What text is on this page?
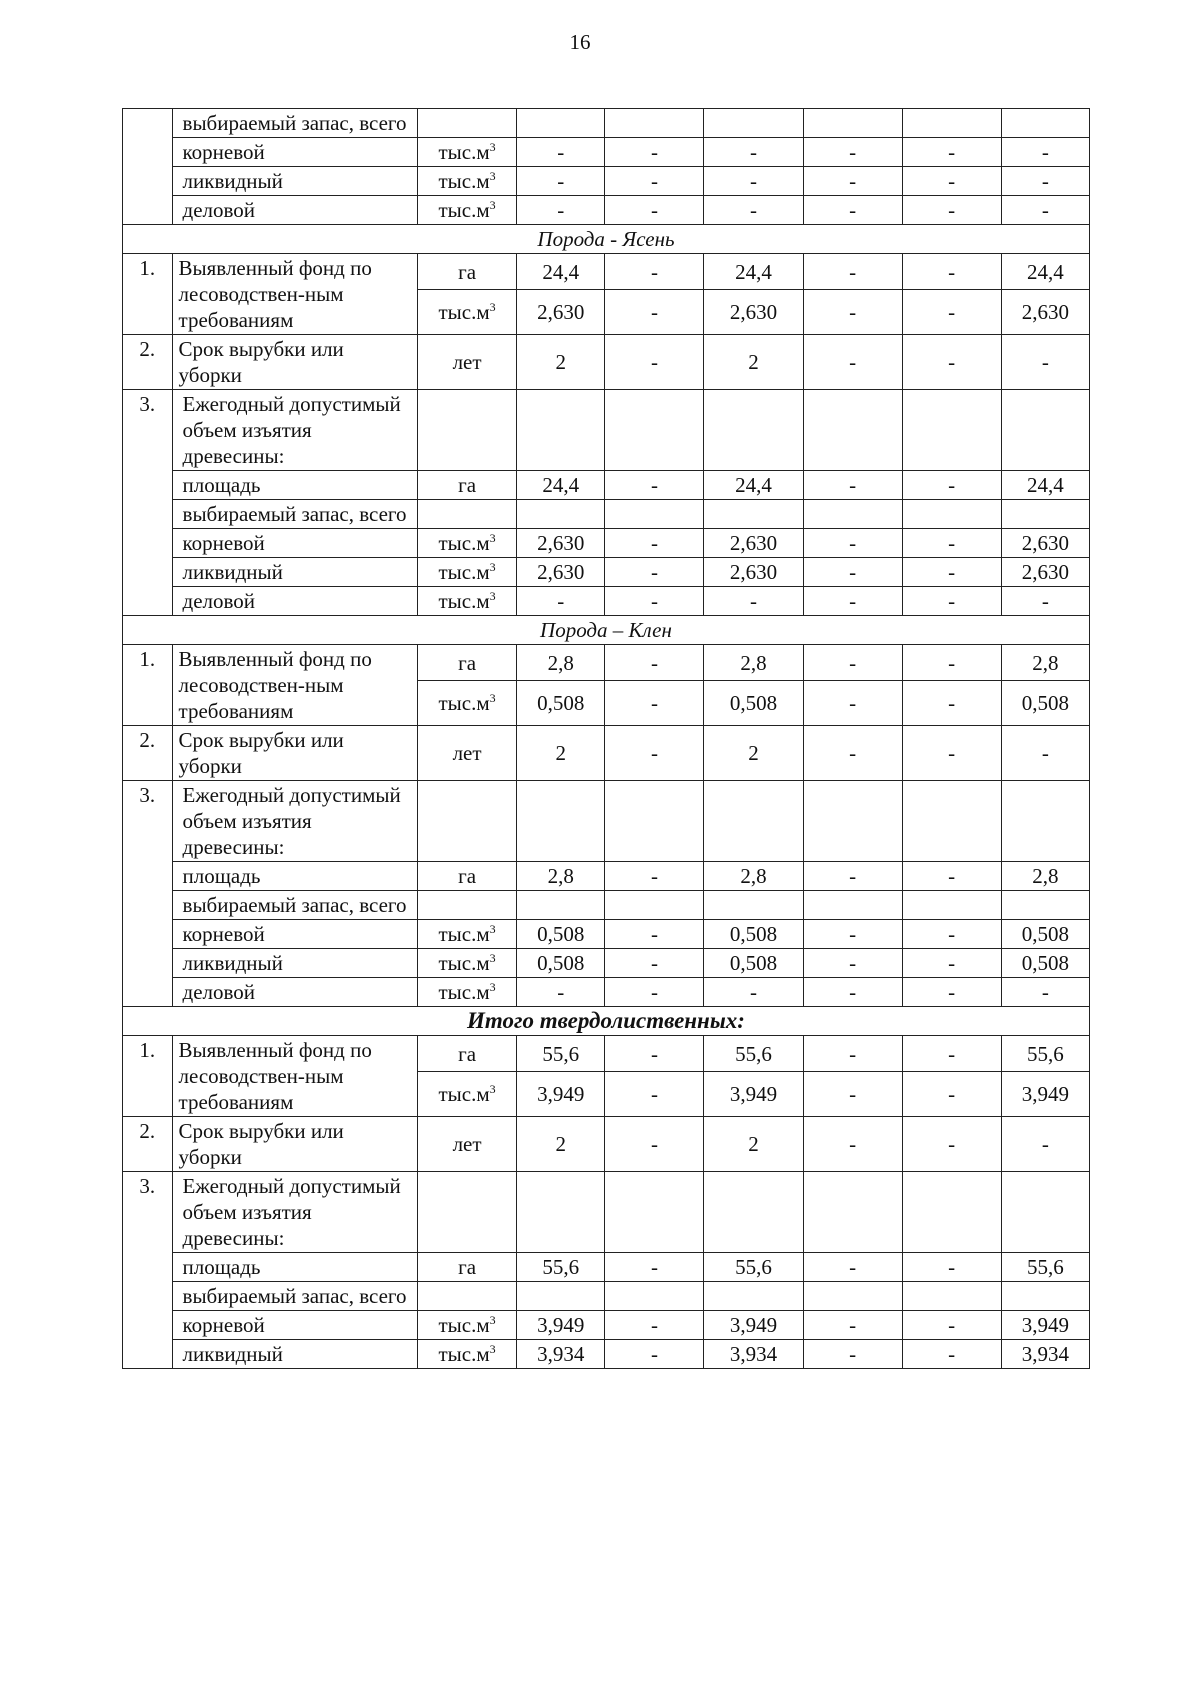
16
	выбираемый запас, всего							
	корневой	$тыс.м^3$	-	-	-	-	-	-
	ликвидный	$тыс.м^3$	-	-	-	-	-	-
	деловой	$тыс.м^3$	-	-	-	-	-	-
Порода - Ясень								
1.	Выявленный фонд по лесоводствен-ным требованиям	га	24,4	-	24,4	-	-	24,4
		$тыс.м^3$	2,630	-	2,630	-	-	2,630
2.	Срок вырубки или уборки	лет	2	-	2	-	-	-
3.	Ежегодный допустимый объем изъятия древесины:							
	площадь	га	24,4	-	24,4	-	-	24,4
	выбираемый запас, всего							
	корневой	$тыс.м^3$	2,630	-	2,630	-	-	2,630
	ликвидный	$тыс.м^3$	2,630	-	2,630	-	-	2,630
	деловой	$тыс.м^3$	-	-	-	-	-	-
Порода – Клен								
1.	Выявленный фонд по лесоводствен-ным требованиям	га	2,8	-	2,8	-	-	2,8
		$тыс.м^3$	0,508	-	0,508	-	-	0,508
2.	Срок вырубки или уборки	лет	2	-	2	-	-	-
3.	Ежегодный допустимый объем изъятия древесины:							
	площадь	га	2,8	-	2,8	-	-	2,8
	выбираемый запас, всего							
	корневой	$тыс.м^3$	0,508	-	0,508	-	-	0,508
	ликвидный	$тыс.м^3$	0,508	-	0,508	-	-	0,508
	деловой	$тыс.м^3$	-	-	-	-	-	-
Итого твердолиственных:								
1.	Выявленный фонд по лесоводствен-ным требованиям	га	55,6	-	55,6	-	-	55,6
		$тыс.м^3$	3,949	-	3,949	-	-	3,949
2.	Срок вырубки или уборки	лет	2	-	2	-	-	-
3.	Ежегодный допустимый объем изъятия древесины:							
	площадь	га	55,6	-	55,6	-	-	55,6
	выбираемый запас, всего							
	корневой	$тыс.м^3$	3,949	-	3,949	-	-	3,949
	ликвидный	$тыс.м^3$	3,934	-	3,934	-	-	3,934
